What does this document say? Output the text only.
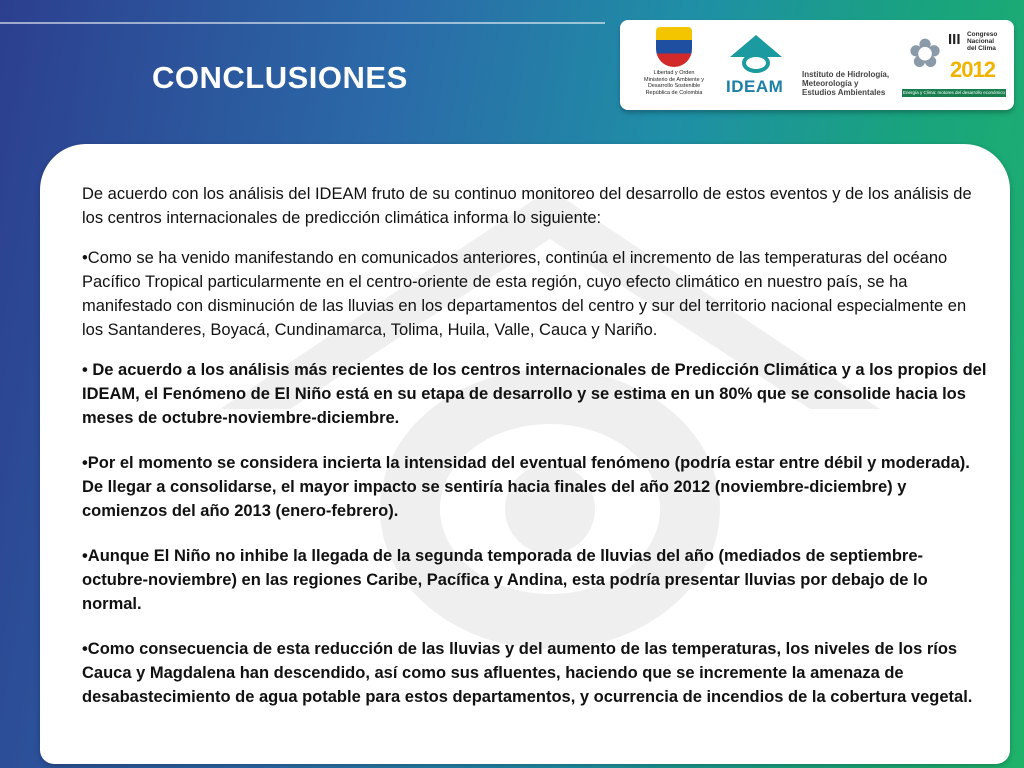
CONCLUSIONES	Libertad y Orden
Ministerio de Ambiente y
Desarrollo Sostenible
República de Colombia	IDEAM
Instituto de Hidrología,
Meteorología y
Estudios Ambientales
✿ III Congreso
Nacional
del Clima
2012
Energía y Clima: motores del desarrollo económico

De acuerdo con los análisis del IDEAM fruto de su continuo monitoreo del desarrollo de estos eventos y de los análisis de los centros internacionales de predicción climática informa lo siguiente:

•Como se ha venido manifestando en comunicados anteriores, continúa el incremento de las temperaturas del océano Pacífico Tropical particularmente en el centro-oriente de esta región, cuyo efecto climático en nuestro país, se ha manifestado con disminución de las lluvias en los departamentos del centro y sur del territorio nacional especialmente en los Santanderes, Boyacá, Cundinamarca, Tolima, Huila, Valle, Cauca y Nariño.

• De acuerdo a los análisis más recientes de los centros internacionales de Predicción Climática y a los propios del IDEAM, el Fenómeno de El Niño está en su etapa de desarrollo y se estima en un 80% que se consolide hacia los meses de octubre-noviembre-diciembre.

•Por el momento se considera incierta la intensidad del eventual fenómeno (podría estar entre débil y moderada). De llegar a consolidarse, el mayor impacto se sentiría hacia finales del año 2012 (noviembre-diciembre) y comienzos del año 2013 (enero-febrero).

•Aunque El Niño no inhibe la llegada de la segunda temporada de lluvias del año (mediados de septiembre-octubre-noviembre) en las regiones Caribe, Pacífica y Andina, esta podría presentar lluvias por debajo de lo normal.

•Como consecuencia de esta reducción de las lluvias y del aumento de las temperaturas, los niveles de los ríos Cauca y Magdalena han descendido, así como sus afluentes, haciendo que se incremente la amenaza de desabastecimiento de agua potable para estos departamentos, y ocurrencia de incendios de la cobertura vegetal.
